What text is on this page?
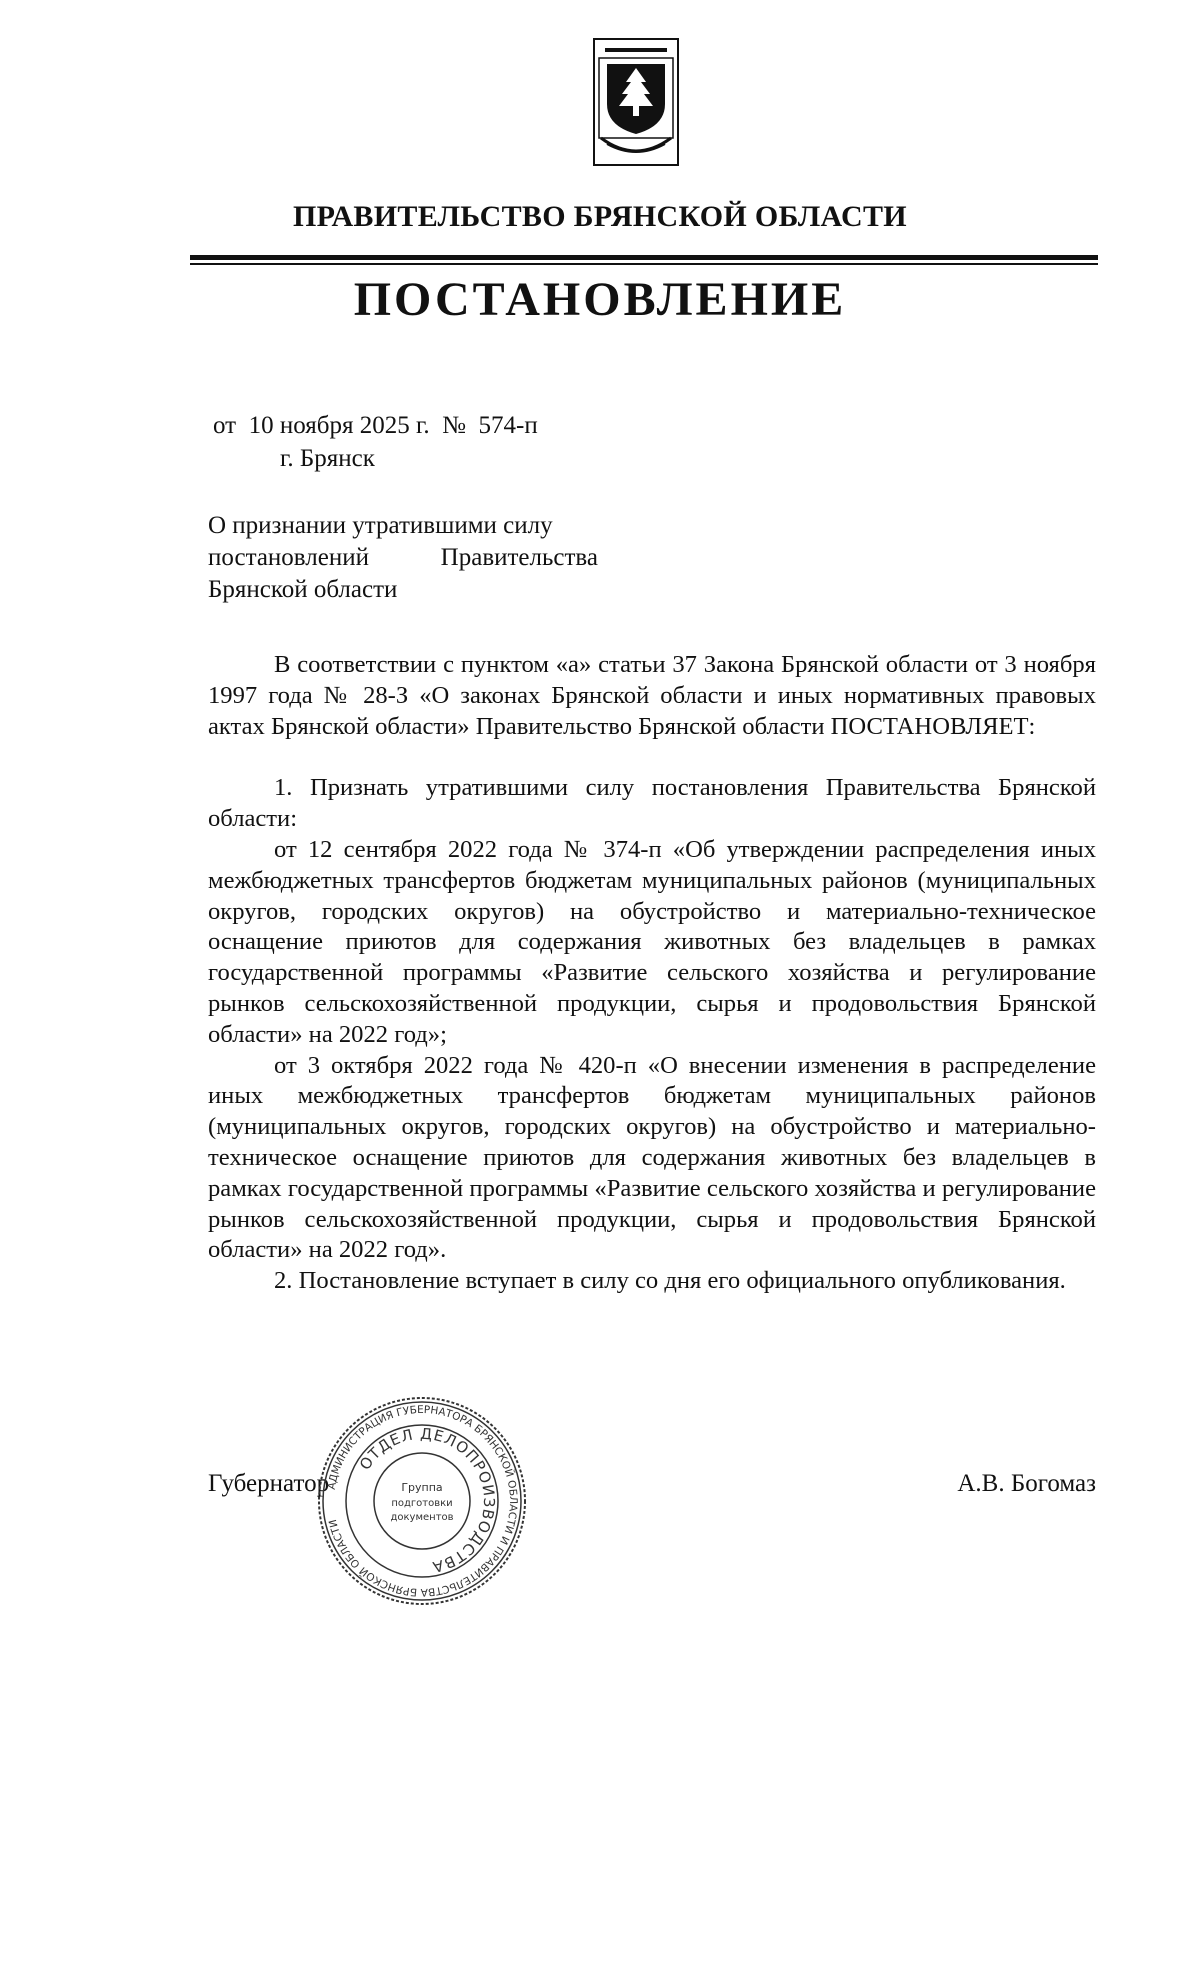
ПРАВИТЕЛЬСТВО БРЯНСКОЙ ОБЛАСТИ
ПОСТАНОВЛЕНИЕ
от  10 ноября 2025 г.  №  574-п
г. Брянск
О признании утратившими силу
постановлений	Правительства
Брянской области

В соответствии с пунктом «а» статьи 37 Закона Брянской области от 3 ноября 1997 года № 28-З «О законах Брянской области и иных нормативных правовых актах Брянской области» Правительство Брянской области ПОСТАНОВЛЯЕТ:

1. Признать утратившими силу постановления Правительства Брянской области:

от 12 сентября 2022 года № 374-п «Об утверждении распределения иных межбюджетных трансфертов бюджетам муниципальных районов (муниципальных округов, городских округов) на обустройство и материально-техническое оснащение приютов для содержания животных без владельцев в рамках государственной программы «Развитие сельского хозяйства и регулирование рынков сельскохозяйственной продукции, сырья и продовольствия Брянской области» на 2022 год»;

от 3 октября 2022 года № 420-п «О внесении изменения в распределение иных межбюджетных трансфертов бюджетам муниципальных районов (муниципальных округов, городских округов) на обустройство и материально-техническое оснащение приютов для содержания животных без владельцев в рамках государственной программы «Развитие сельского хозяйства и регулирование рынков сельскохозяйственной продукции, сырья и продовольствия Брянской области» на 2022 год».

2. Постановление вступает в силу со дня его официального опубликования.

Губернатор	А.В. Богомаз
АДМИНИСТРАЦИЯ ГУБЕРНАТОРА БРЯНСКОЙ ОБЛАСТИ И ПРАВИТЕЛЬСТВА БРЯНСКОЙ ОБЛАСТИ
ОТДЕЛ ДЕЛОПРОИЗВОДСТВА
Группа
подготовки
документов
